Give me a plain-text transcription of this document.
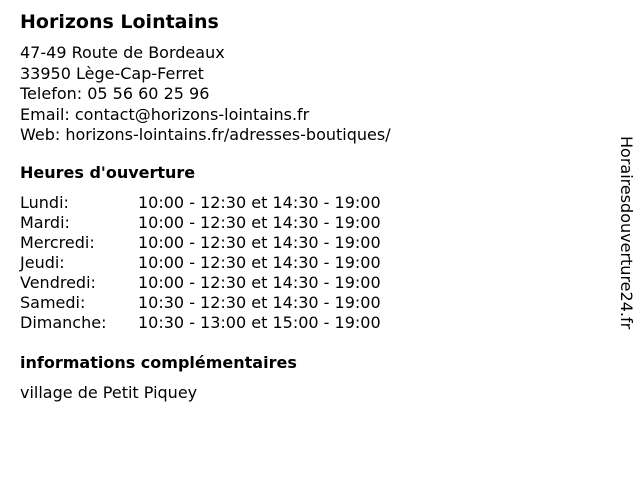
Horizons Lointains
47-49 Route de Bordeaux
33950 Lège-Cap-Ferret
Telefon: 05 56 60 25 96
Email: contact@horizons-lointains.fr
Web: horizons-lointains.fr/adresses-boutiques/
Heures d'ouverture
Lundi:	10:00 - 12:30 et 14:30 - 19:00
Mardi:	10:00 - 12:30 et 14:30 - 19:00
Mercredi:	10:00 - 12:30 et 14:30 - 19:00
Jeudi:	10:00 - 12:30 et 14:30 - 19:00
Vendredi:	10:00 - 12:30 et 14:30 - 19:00
Samedi:	10:30 - 12:30 et 14:30 - 19:00
Dimanche: 10:30 - 13:00 et 15:00 - 19:00
informations complémentaires
village de Petit Piquey
Horairesdouverture24.fr
